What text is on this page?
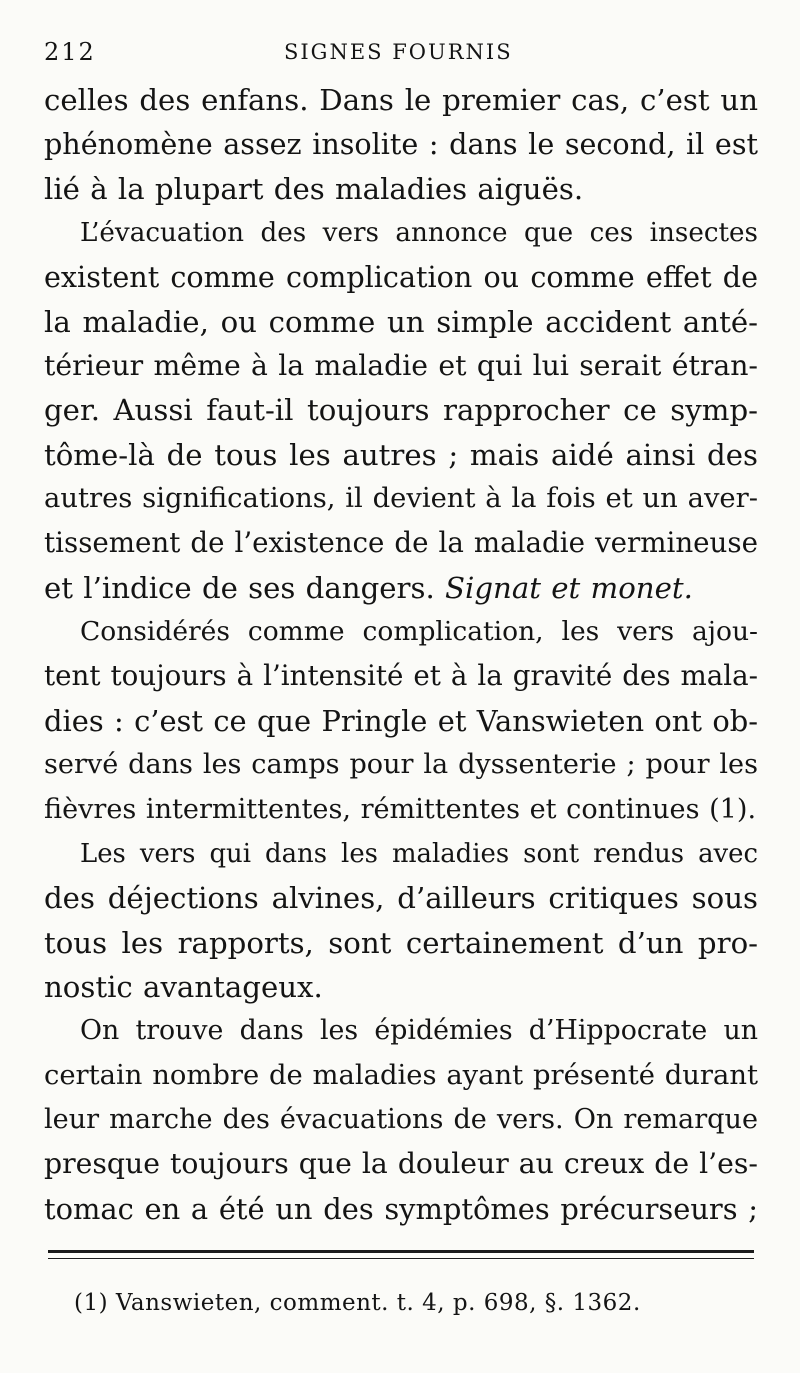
212	SIGNES FOURNIS
celles des enfans. Dans le premier cas, c’est un
phénomène assez insolite : dans le second, il est
lié à la plupart des maladies aiguës.
L’évacuation des vers annonce que ces insectes
existent comme complication ou comme effet de
la maladie, ou comme un simple accident anté-
térieur même à la maladie et qui lui serait étran-
ger. Aussi faut-il toujours rapprocher ce symp-
tôme-là de tous les autres ; mais aidé ainsi des
autres significations, il devient à la fois et un aver-
tissement de l’existence de la maladie vermineuse
et l’indice de ses dangers. Signat et monet.
Considérés comme complication, les vers ajou-
tent toujours à l’intensité et à la gravité des mala-
dies : c’est ce que Pringle et Vanswieten ont ob-
servé dans les camps pour la dyssenterie ; pour les
fièvres intermittentes, rémittentes et continues (1).
Les vers qui dans les maladies sont rendus avec
des déjections alvines, d’ailleurs critiques sous
tous les rapports, sont certainement d’un pro-
nostic avantageux.
On trouve dans les épidémies d’Hippocrate un
certain nombre de maladies ayant présenté durant
leur marche des évacuations de vers. On remarque
presque toujours que la douleur au creux de l’es-
tomac en a été un des symptômes précurseurs ;
(1) Vanswieten, comment. t. 4, p. 698, §. 1362.
